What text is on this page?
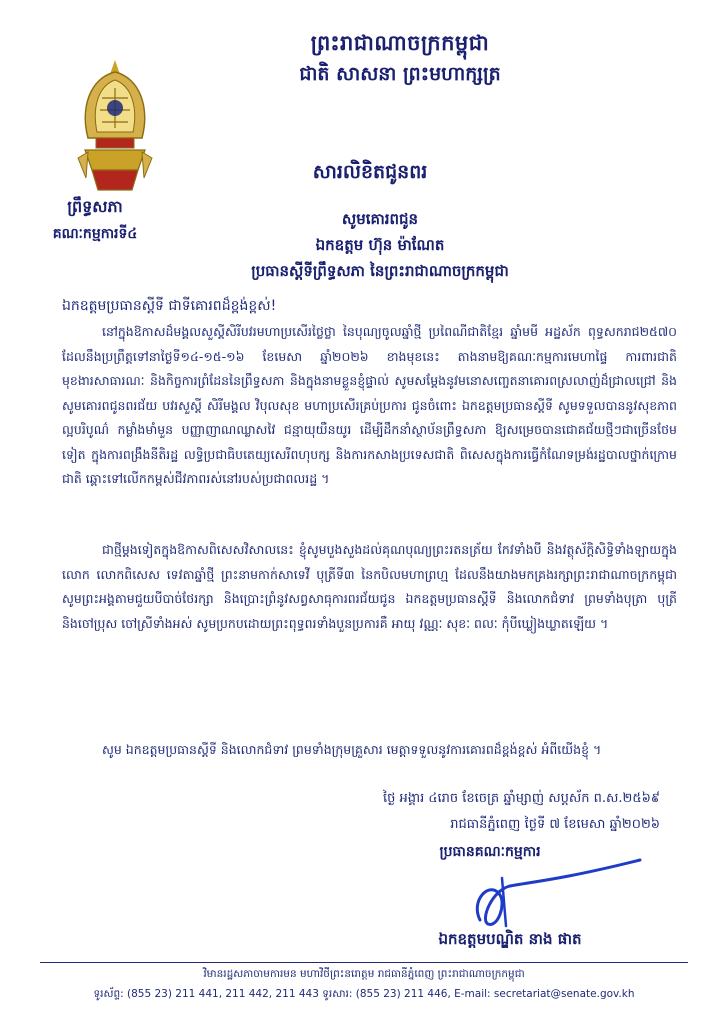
ព្រះរាជាណាចក្រកម្ពុជា
ជាតិ សាសនា ព្រះមហាក្សត្រ
ព្រឹទ្ធសភា
គណៈកម្មការទី៤
សារលិខិតជូនពរ
សូមគោរពជូន
ឯកឧត្តម ហ៊ុន ម៉ាណែត
ប្រធានស្ដីទីព្រឹទ្ធសភា នៃព្រះរាជាណាចក្រកម្ពុជា
ឯកឧត្តមប្រធានស្ដីទី ជាទីគោរពដ៏ខ្ពង់ខ្ពស់!
នៅក្នុងឱកាសដ៏មង្គលសួស្ដីសិរីបវរមហាប្រសើរថ្លៃថ្លា នៃបុណ្យចូលឆ្នាំថ្មី ប្រពៃណីជាតិខ្មែរ ឆ្នាំមមី អដ្ឋស័ក ពុទ្ធសករាជ២៥៧០ ដែលនឹងប្រព្រឹត្តទៅនាថ្ងៃទី១៤-១៥-១៦ ខែមេសា ឆ្នាំ២០២៦ ខាងមុខនេះ តាងនាមឱ្យគណៈកម្មការមេហាផ្ទៃ ការពារជាតិ មុខងារសាធារណៈ និងកិច្ចការព្រំដែននៃព្រឹទ្ធសភា និងក្នុងនាមខ្លួនខ្ញុំផ្ទាល់ សូមសម្ដែងនូវមនោសញ្ចេតនាគោរពស្រលាញ់ដ៏ជ្រាលជ្រៅ និងសូមគោរពជូនពរជ័យ បវរសួស្ដី សិរីមង្គល វិបុលសុខ មហាប្រសើរគ្រប់ប្រការ ជូនចំពោះ ឯកឧត្តមប្រធានស្ដីទី សូមទទួលបាននូវសុខភាពល្អបរិបូណ៌ កម្លាំងមាំមួន បញ្ញាញាណឈ្លាសវៃ ជន្មាយុយឺនយូរ ដើម្បីដឹកនាំស្ថាប័នព្រឹទ្ធសភា ឱ្យសម្រេចបានជោគជ័យថ្មីៗជាច្រើនថែមទៀត ក្នុងការពង្រឹងនីតិរដ្ឋ លទ្ធិប្រជាធិបតេយ្យសេរីពហុបក្ស និងការកសាងប្រទេសជាតិ ពិសេសក្នុងការធ្វើកំណែទម្រង់រដ្ឋបាលថ្នាក់ក្រោមជាតិ ឆ្ពោះទៅលើកកម្ពស់ជីវភាពរស់នៅរបស់ប្រជាពលរដ្ឋ ។
ជាថ្មីម្ដងទៀតក្នុងឱកាសពិសេសវិសាលនេះ ខ្ញុំសូមបួងសួងដល់គុណបុណ្យព្រះរតនត្រ័យ កែវទាំងបី និងវត្ថុស័ក្ដិសិទ្ធិទាំងឡាយក្នុងលោក លោកពិសេស ទេវតាឆ្នាំថ្មី ព្រះនាមកាក់សាទេវី បុត្រីទី៣ នៃកបិលមហាព្រហ្ម ដែលនឹងយាងមកគ្រងរក្សាព្រះរាជាណាចក្រកម្ពុជា សូមព្រះអង្គតាមជួយបីបាច់ថែរក្សា និងប្រោះព្រំនូវសព្វសាធុការពរជ័យជូន ឯកឧត្តមប្រធានស្ដីទី និងលោកជំទាវ ព្រមទាំងបុត្រា បុត្រី និងចៅប្រុស ចៅស្រីទាំងអស់ សូមប្រកបដោយព្រះពុទ្ធពរទាំងបួនប្រការគឺ អាយុ វណ្ណៈ សុខៈ ពលៈ កុំបីឃ្លៀងឃ្លាតឡើយ ។
សូម ឯកឧត្តមប្រធានស្ដីទី និងលោកជំទាវ ព្រមទាំងក្រុមគ្រួសារ មេត្តាទទួលនូវការគោរពដ៏ខ្ពង់ខ្ពស់ អំពីយើងខ្ញុំ ។
ថ្ងៃ អង្គារ ៤រោច ខែចេត្រ ឆ្នាំម្សាញ់ សប្តស័ក ព.ស.២៥៦៩
រាជធានីភ្នំពេញ ថ្ងៃទី ៧ ខែមេសា ឆ្នាំ២០២៦
ប្រធានគណៈកម្មការ
ឯកឧត្តមបណ្ឌិត នាង ផាត
វិមានរដ្ឋសភាចាមការមន មហាវិថីព្រះនរោត្តម រាជធានីភ្នំពេញ ព្រះរាជាណាចក្រកម្ពុជា
ទូរស័ព្ទ: (855 23) 211 441, 211 442, 211 443 ទូរសារ: (855 23) 211 446, E-mail: secretariat@senate.gov.kh
